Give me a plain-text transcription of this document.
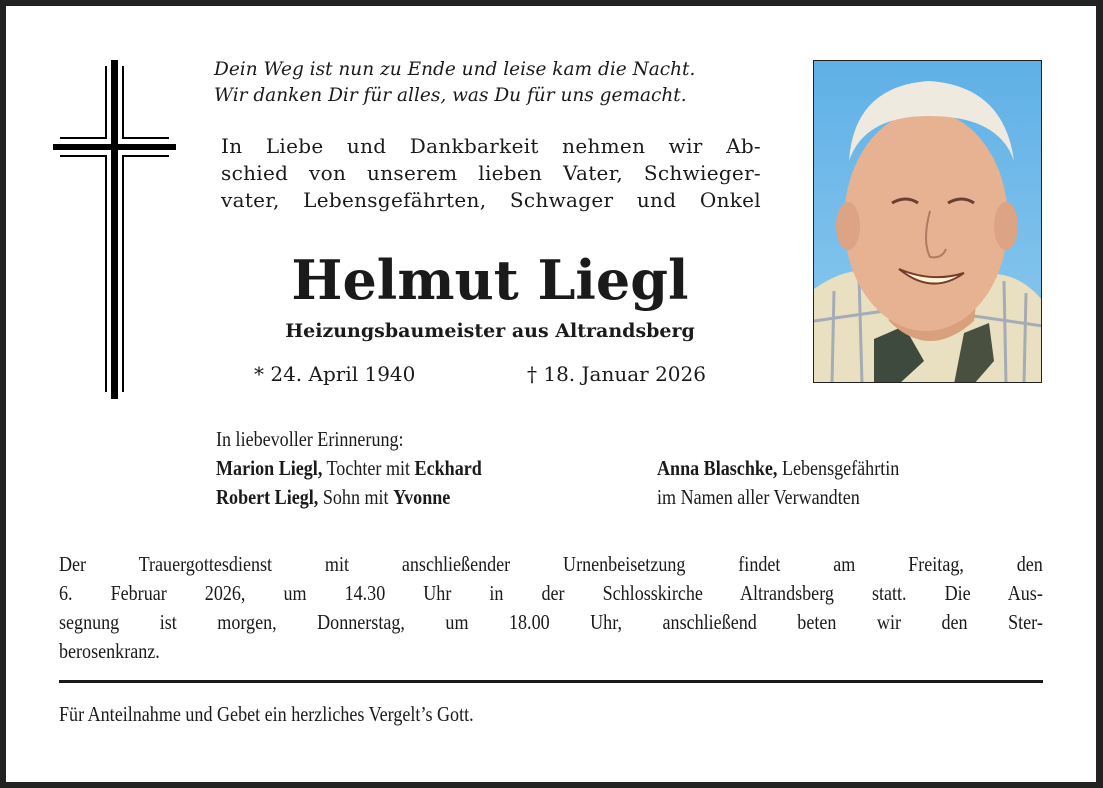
Dein Weg ist nun zu Ende und leise kam die Nacht.
Wir danken Dir für alles, was Du für uns gemacht.
In Liebe und Dankbarkeit nehmen wir Ab-
schied von unserem lieben Vater, Schwieger-
vater, Lebensgefährten, Schwager und Onkel
Helmut Liegl
Heizungsbaumeister aus Altrandsberg
* 24. April 1940	† 18. Januar 2026
In liebevoller Erinnerung:
Marion Liegl, Tochter mit Eckhard
Robert Liegl, Sohn mit Yvonne
Anna Blaschke, Lebensgefährtin
im Namen aller Verwandten
Der Trauergottesdienst mit anschließender Urnenbeisetzung findet am Freitag, den
6. Februar 2026, um 14.30 Uhr in der Schlosskirche Altrandsberg statt. Die Aus-
segnung ist morgen, Donnerstag, um 18.00 Uhr, anschließend beten wir den Ster-
berosenkranz.
Für Anteilnahme und Gebet ein herzliches Vergelt’s Gott.
